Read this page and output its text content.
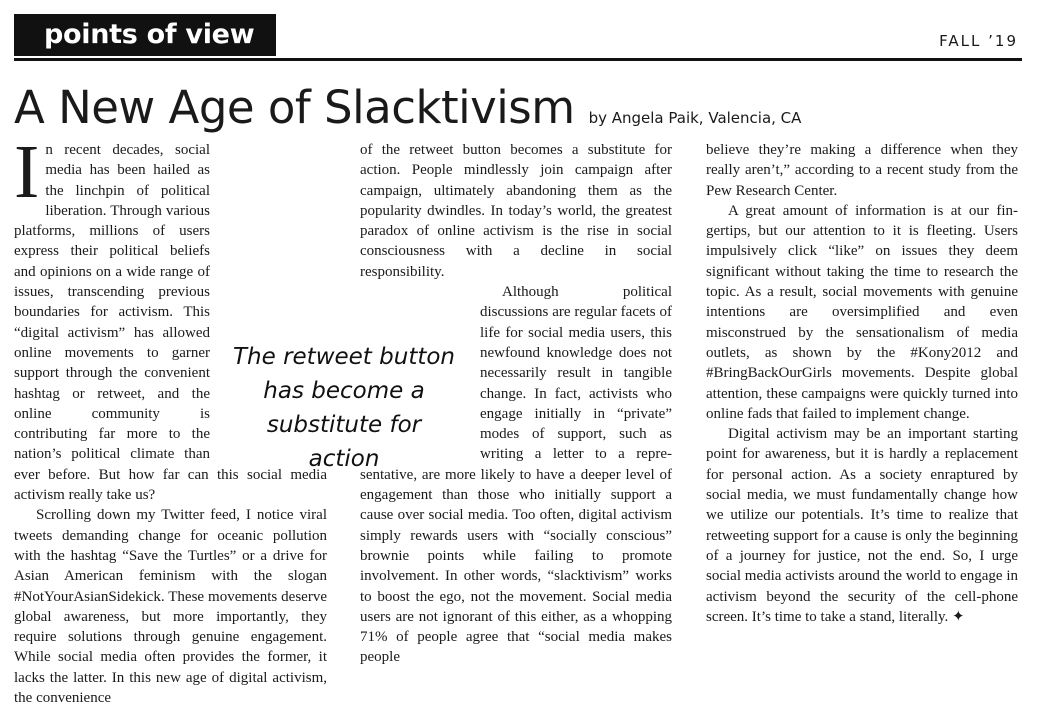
points of view	FALL ’19
A New Age of Slacktivism by Angela Paik, Valencia, CA

In recent decades, social media has been hailed as the linchpin of political liberation. Through various platforms, millions of users express their political beliefs and opinions on a wide range of issues, transcending previous boundaries for activism. This “digital activism” has allowed online movements to garner support through the convenient hashtag or retweet, and the online community is contributing far more to the nation’s political climate than ever before. But how far can this social media activism really take us?

Scrolling down my Twitter feed, I notice viral tweets demanding change for oceanic pollution with the hashtag “Save the Turtles” or a drive for Asian American feminism with the slogan #NotYourAsianSidekick. These movements deserve global awareness, but more importantly, they require solutions through genuine engagement. While social media often provides the former, it lacks the latter. In this new age of digital activism, the convenience

of the retweet button becomes a substitute for action. People mindlessly join campaign after campaign, ultimately abandoning them as the popularity dwindles. In today’s world, the greatest paradox of online activism is the rise in social consciousness with a decline in social responsibility.

Although political discussions are regular facets of life for social media users, this newfound knowledge does not necessarily result in tangible change. In fact, activists who engage initially in “private” modes of support, such as writing a letter to a representative, are more likely to have a deeper level of engagement than those who initially support a cause over social media. Too often, digital activism simply rewards users with “socially conscious” brownie points while failing to promote involvement. In other words, “slacktivism” works to boost the ego, not the movement. Social media users are not ignorant of this either, as a whopping 71% of people agree that “social media makes people

believe they’re making a difference when they really aren’t,” according to a recent study from the Pew Research Center.

A great amount of information is at our fingertips, but our attention to it is fleeting. Users impulsively click “like” on issues they deem significant without taking the time to research the topic. As a result, social movements with genuine intentions are oversimplified and even misconstrued by the sensationalism of media outlets, as shown by the #Kony2012 and #BringBackOurGirls movements. Despite global attention, these campaigns were quickly turned into online fads that failed to implement change.

Digital activism may be an important starting point for awareness, but it is hardly a replacement for personal action. As a society enraptured by social media, we must fundamentally change how we utilize our potentials. It’s time to realize that retweeting support for a cause is only the beginning of a journey for justice, not the end. So, I urge social media activists around the world to engage in activism beyond the security of the cell-phone screen. It’s time to take a stand, literally. ✦

The retweet button has become a substitute for action
